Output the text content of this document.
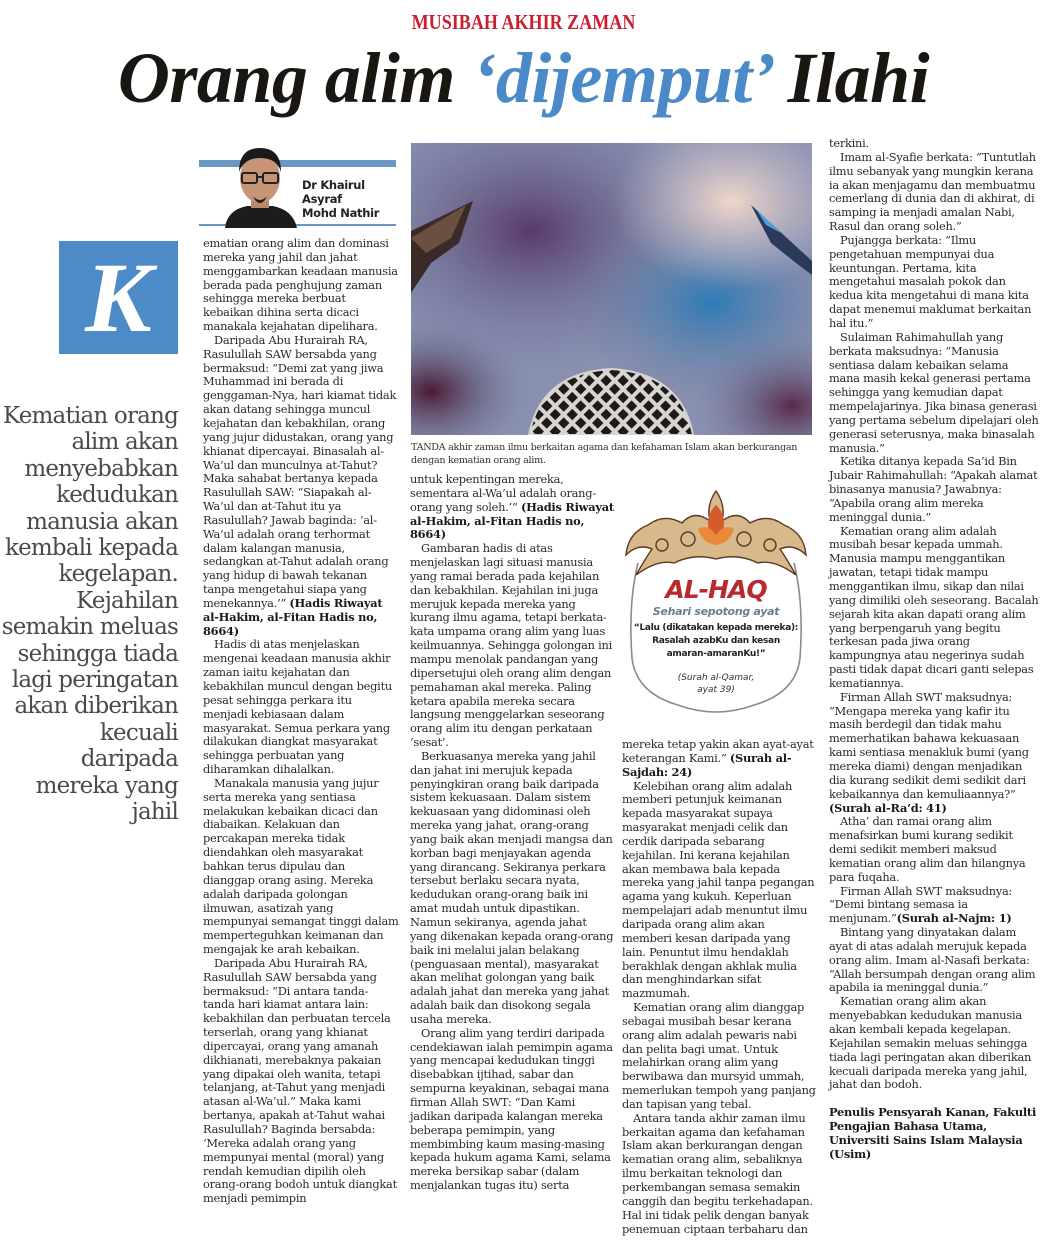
MUSIBAH AKHIR ZAMAN
Orang alim ‘dijemput’ Ilahi
Dr Khairul Asyraf
Mohd Nathir
K
Kematian orang alim akan menyebabkan kedudukan manusia akan kembali kepada kegelapan. Kejahilan semakin meluas sehingga tiada lagi peringatan akan diberikan kecuali daripada mereka yang jahil

ematian orang alim dan dominasi mereka yang jahil dan jahat menggambarkan keadaan manusia berada pada penghujung zaman sehingga mereka berbuat kebaikan dihina serta dicaci manakala kejahatan dipelihara.

Daripada Abu Hurairah RA, Rasulullah SAW bersabda yang bermaksud: “Demi zat yang jiwa Muhammad ini berada di genggaman-Nya, hari kiamat tidak akan datang sehingga muncul kejahatan dan kebakhilan, orang yang jujur didustakan, orang yang khianat dipercayai. Binasalah al-Wa’ul dan munculnya at-Tahut? Maka sahabat bertanya kepada Rasulullah SAW: “Siapakah al-Wa’ul dan at-Tahut itu ya Rasulullah? Jawab baginda: ‘al-Wa’ul adalah orang terhormat dalam kalangan manusia, sedangkan at-Tahut adalah orang yang hidup di bawah tekanan tanpa mengetahui siapa yang menekannya.’” (Hadis Riwayat al-Hakim, al-Fitan Hadis no, 8664)

Hadis di atas menjelaskan mengenai keadaan manusia akhir zaman iaitu kejahatan dan kebakhilan muncul dengan begitu pesat sehingga perkara itu menjadi kebiasaan dalam masyarakat. Semua perkara yang dilakukan diangkat masyarakat sehingga perbuatan yang diharamkan dihalalkan.

Manakala manusia yang jujur serta mereka yang sentiasa melakukan kebaikan dicaci dan diabaikan. Kelakuan dan percakapan mereka tidak diendahkan oleh masyarakat bahkan terus dipulau dan dianggap orang asing. Mereka adalah daripada golongan ilmuwan, asatizah yang mempunyai semangat tinggi dalam memperteguhkan keimanan dan mengajak ke arah kebaikan.

Daripada Abu Hurairah RA, Rasulullah SAW bersabda yang bermaksud: “Di antara tanda-tanda hari kiamat antara lain: kebakhilan dan perbuatan tercela terserlah, orang yang khianat dipercayai, orang yang amanah dikhianati, merebaknya pakaian yang dipakai oleh wanita, tetapi telanjang, at-Tahut yang menjadi atasan al-Wa’ul.” Maka kami bertanya, apakah at-Tahut wahai Rasulullah? Baginda bersabda: ‘Mereka adalah orang yang mempunyai mental (moral) yang rendah kemudian dipilih oleh orang-orang bodoh untuk diangkat menjadi pemimpin

untuk kepentingan mereka, sementara al-Wa’ul adalah orang-orang yang soleh.’” (Hadis Riwayat al-Hakim, al-Fitan Hadis no, 8664)

Gambaran hadis di atas menjelaskan lagi situasi manusia yang ramai berada pada kejahilan dan kebakhilan. Kejahilan ini juga merujuk kepada mereka yang kurang ilmu agama, tetapi berkata-kata umpama orang alim yang luas keilmuannya. Sehingga golongan ini mampu menolak pandangan yang dipersetujui oleh orang alim dengan pemahaman akal mereka. Paling ketara apabila mereka secara langsung menggelarkan seseorang orang alim itu dengan perkataan ‘sesat’.

Berkuasanya mereka yang jahil dan jahat ini merujuk kepada penyingkiran orang baik daripada sistem kekuasaan. Dalam sistem kekuasaan yang didominasi oleh mereka yang jahat, orang-orang yang baik akan menjadi mangsa dan korban bagi menjayakan agenda yang dirancang. Sekiranya perkara tersebut berlaku secara nyata, kedudukan orang-orang baik ini amat mudah untuk dipastikan. Namun sekiranya, agenda jahat yang dikenakan kepada orang-orang baik ini melalui jalan belakang (penguasaan mental), masyarakat akan melihat golongan yang baik adalah jahat dan mereka yang jahat adalah baik dan disokong segala usaha mereka.

Orang alim yang terdiri daripada cendekiawan ialah pemimpin agama yang mencapai kedudukan tinggi disebabkan ijtihad, sabar dan sempurna keyakinan, sebagai mana firman Allah SWT: “Dan Kami jadikan daripada kalangan mereka beberapa pemimpin, yang membimbing kaum masing-masing kepada hukum agama Kami, selama mereka bersikap sabar (dalam menjalankan tugas itu) serta

mereka tetap yakin akan ayat-ayat keterangan Kami.” (Surah al-Sajdah: 24)

Kelebihan orang alim adalah memberi petunjuk keimanan kepada masyarakat supaya masyarakat menjadi celik dan cerdik daripada sebarang kejahilan. Ini kerana kejahilan akan membawa bala kepada mereka yang jahil tanpa pegangan agama yang kukuh. Keperluan mempelajari adab menuntut ilmu daripada orang alim akan memberi kesan daripada yang lain. Penuntut ilmu hendaklah berakhlak dengan akhlak mulia dan menghindarkan sifat mazmumah.

Kematian orang alim dianggap sebagai musibah besar kerana orang alim adalah pewaris nabi dan pelita bagi umat. Untuk melahirkan orang alim yang berwibawa dan mursyid ummah, memerlukan tempoh yang panjang dan tapisan yang tebal.

Antara tanda akhir zaman ilmu berkaitan agama dan kefahaman Islam akan berkurangan dengan kematian orang alim, sebaliknya ilmu berkaitan teknologi dan perkembangan semasa semakin canggih dan begitu terkehadapan. Hal ini tidak pelik dengan banyak penemuan ciptaan terbaharu dan

terkini.

Imam al-Syafie berkata: “Tuntutlah ilmu sebanyak yang mungkin kerana ia akan menjagamu dan membuatmu cemerlang di dunia dan di akhirat, di samping ia menjadi amalan Nabi, Rasul dan orang soleh.”

Pujangga berkata: “Ilmu pengetahuan mempunyai dua keuntungan. Pertama, kita mengetahui masalah pokok dan kedua kita mengetahui di mana kita dapat menemui maklumat berkaitan hal itu.”

Sulaiman Rahimahullah yang berkata maksudnya: “Manusia sentiasa dalam kebaikan selama mana masih kekal generasi pertama sehingga yang kemudian dapat mempelajarinya. Jika binasa generasi yang pertama sebelum dipelajari oleh generasi seterusnya, maka binasalah manusia.”

Ketika ditanya kepada Sa’id Bin Jubair Rahimahullah: “Apakah alamat binasanya manusia? Jawabnya: “Apabila orang alim mereka meninggal dunia.”

Kematian orang alim adalah musibah besar kepada ummah. Manusia mampu menggantikan jawatan, tetapi tidak mampu menggantikan ilmu, sikap dan nilai yang dimiliki oleh seseorang. Bacalah sejarah kita akan dapati orang alim yang berpengaruh yang begitu terkesan pada jiwa orang kampungnya atau negerinya sudah pasti tidak dapat dicari ganti selepas kematiannya.

Firman Allah SWT maksudnya: “Mengapa mereka yang kafir itu masih berdegil dan tidak mahu memerhatikan bahawa kekuasaan kami sentiasa menakluk bumi (yang mereka diami) dengan menjadikan dia kurang sedikit demi sedikit dari kebaikannya dan kemuliaannya?” (Surah al-Ra’d: 41)

Atha’ dan ramai orang alim menafsirkan bumi kurang sedikit demi sedikit memberi maksud kematian orang alim dan hilangnya para fuqaha.

Firman Allah SWT maksudnya: “Demi bintang semasa ia menjunam.”(Surah al-Najm: 1)

Bintang yang dinyatakan dalam ayat di atas adalah merujuk kepada orang alim. Imam al-Nasafi berkata: “Allah bersumpah dengan orang alim apabila ia meninggal dunia.”

Kematian orang alim akan menyebabkan kedudukan manusia akan kembali kepada kegelapan. Kejahilan semakin meluas sehingga tiada lagi peringatan akan diberikan kecuali daripada mereka yang jahil, jahat dan bodoh.

Penulis Pensyarah Kanan, Fakulti Pengajian Bahasa Utama, Universiti Sains Islam Malaysia (Usim)

TANDA akhir zaman ilmu berkaitan agama dan kefahaman Islam akan berkurangan dengan kematian orang alim.
AL-HAQ
Sehari sepotong ayat
“Lalu (dikatakan kepada mereka): Rasalah azabKu dan kesan amaran-amaranKu!”
(Surah al-Qamar,
ayat 39)
